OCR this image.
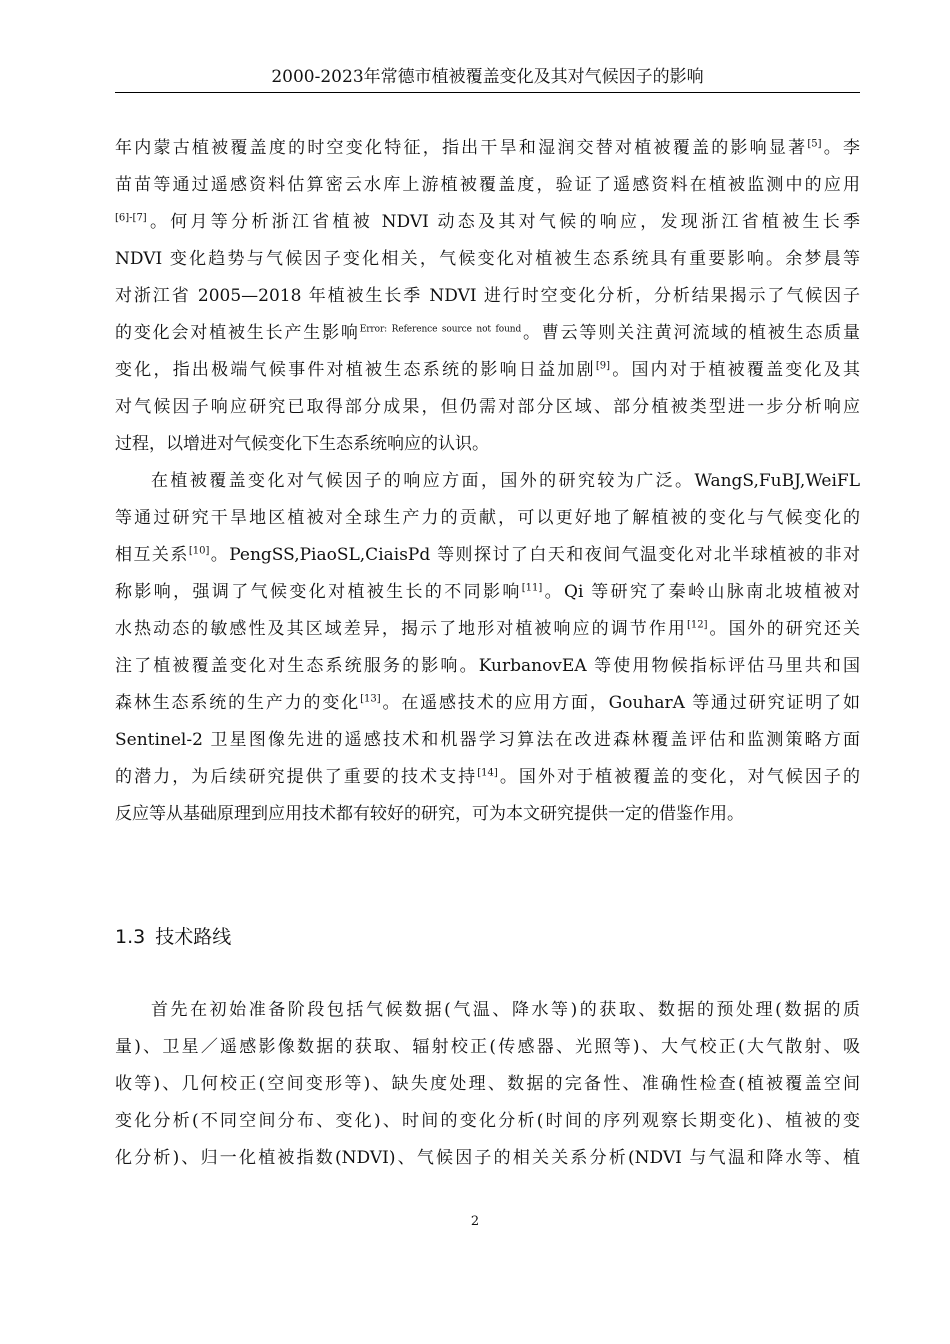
2000-2023年常德市植被覆盖变化及其对气候因子的影响
年内蒙古植被覆盖度的时空变化特征，指出干旱和湿润交替对植被覆盖的影响显著[5]。李
苗苗等通过遥感资料估算密云水库上游植被覆盖度，验证了遥感资料在植被监测中的应用
[6]-[7]。何月等分析浙江省植被 NDVI 动态及其对气候的响应，发现浙江省植被生长季
NDVI 变化趋势与气候因子变化相关，气候变化对植被生态系统具有重要影响。余梦晨等
对浙江省 2005—2018 年植被生长季 NDVI 进行时空变化分析，分析结果揭示了气候因子
的变化会对植被生长产生影响$^{Error: Reference source not found}$。曹云等则关注黄河流域的植被生态质量
变化，指出极端气候事件对植被生态系统的影响日益加剧[9]。国内对于植被覆盖变化及其
对气候因子响应研究已取得部分成果，但仍需对部分区域、部分植被类型进一步分析响应
过程，以增进对气候变化下生态系统响应的认识。
在植被覆盖变化对气候因子的响应方面，国外的研究较为广泛。WangS,FuBJ,WeiFL
等通过研究干旱地区植被对全球生产力的贡献，可以更好地了解植被的变化与气候变化的
相互关系[10]。PengSS,PiaoSL,CiaisPd 等则探讨了白天和夜间气温变化对北半球植被的非对
称影响，强调了气候变化对植被生长的不同影响[11]。Qi 等研究了秦岭山脉南北坡植被对
水热动态的敏感性及其区域差异，揭示了地形对植被响应的调节作用[12]。国外的研究还关
注了植被覆盖变化对生态系统服务的影响。KurbanovEA 等使用物候指标评估马里共和国
森林生态系统的生产力的变化[13]。在遥感技术的应用方面，GouharA 等通过研究证明了如
Sentinel-2 卫星图像先进的遥感技术和机器学习算法在改进森林覆盖评估和监测策略方面
的潜力，为后续研究提供了重要的技术支持[14]。国外对于植被覆盖的变化，对气候因子的
反应等从基础原理到应用技术都有较好的研究，可为本文研究提供一定的借鉴作用。
1.3 技术路线
首先在初始准备阶段包括气候数据(气温、降水等)的获取、数据的预处理(数据的质
量)、卫星／遥感影像数据的获取、辐射校正(传感器、光照等)、大气校正(大气散射、吸
收等)、几何校正(空间变形等)、缺失度处理、数据的完备性、准确性检查(植被覆盖空间
变化分析(不同空间分布、变化)、时间的变化分析(时间的序列观察长期变化)、植被的变
化分析)、归一化植被指数(NDVI)、气候因子的相关关系分析(NDVI 与气温和降水等、植
2
